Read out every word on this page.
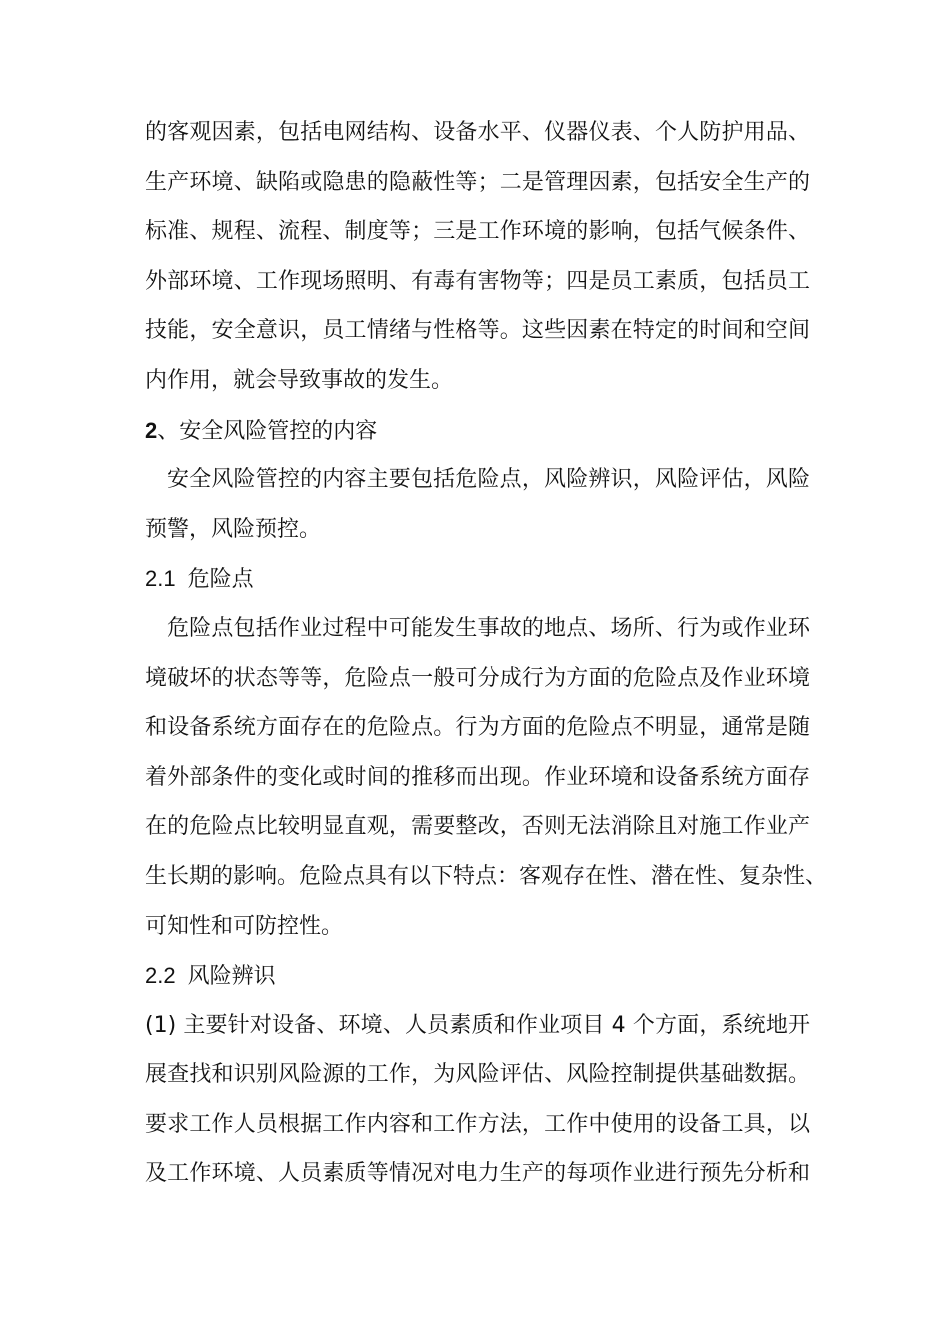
的客观因素，包括电网结构、设备水平、仪器仪表、个人防护用品、
生产环境、缺陷或隐患的隐蔽性等；二是管理因素，包括安全生产的
标准、规程、流程、制度等；三是工作环境的影响，包括气候条件、
外部环境、工作现场照明、有毒有害物等；四是员工素质，包括员工
技能，安全意识，员工情绪与性格等。这些因素在特定的时间和空间
内作用，就会导致事故的发生。
2、安全风险管控的内容
安全风险管控的内容主要包括危险点，风险辨识，风险评估，风险
预警，风险预控。
2.1 危险点
危险点包括作业过程中可能发生事故的地点、场所、行为或作业环
境破坏的状态等等，危险点一般可分成行为方面的危险点及作业环境
和设备系统方面存在的危险点。行为方面的危险点不明显，通常是随
着外部条件的变化或时间的推移而出现。作业环境和设备系统方面存
在的危险点比较明显直观，需要整改，否则无法消除且对施工作业产
生长期的影响。危险点具有以下特点：客观存在性、潜在性、复杂性、
可知性和可防控性。
2.2 风险辨识
(1) 主要针对设备、环境、人员素质和作业项目 4 个方面，系统地开
展查找和识别风险源的工作，为风险评估、风险控制提供基础数据。
要求工作人员根据工作内容和工作方法，工作中使用的设备工具，以
及工作环境、人员素质等情况对电力生产的每项作业进行预先分析和
